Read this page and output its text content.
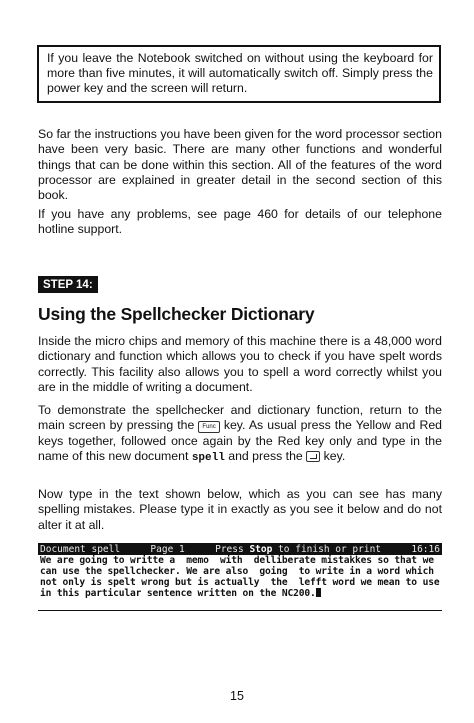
If you leave the Notebook switched on without using the keyboard for more than five minutes, it will automatically switch off. Simply press the power key and the screen will return.

So far the instructions you have been given for the word processor section have been very basic. There are many other functions and wonderful things that can be done within this section. All of the features of the word processor are explained in greater detail in the second section of this book.

If you have any problems, see page 460 for details of our telephone hotline support.

STEP 14:
Using the Spellchecker Dictionary

Inside the micro chips and memory of this machine there is a 48,000 word dictionary and function which allows you to check if you have spelt words correctly. This facility also allows you to spell a word correctly whilst you are in the middle of writing a document.

To demonstrate the spellchecker and dictionary function, return to the main screen by pressing the Func key. As usual press the Yellow and Red keys together, followed once again by the Red key only and type in the name of this new document spell and press the key.

Now type in the text shown below, which as you can see has many spelling mistakes. Please type it in exactly as you see it below and do not alter it at all.

Document spell	Page 1	Press Stop to finish or print	16:16
We are going to writte a  memo  with  delliberate mistakkes so that we
can use the spellchecker. We are also  going  to write in a word which
not only is spelt wrong but is actually  the  lefft word we mean to use
in this particular sentence written on the NC200.
15
